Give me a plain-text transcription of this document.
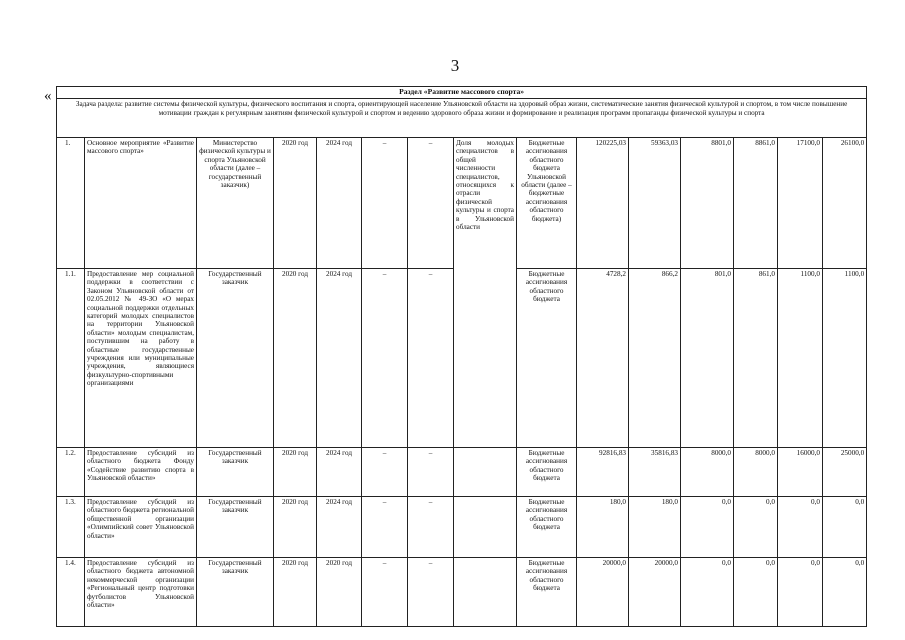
3
«	Раздел «Развитие массового спорта»														
Задача раздела: развитие системы физической культуры, физического воспитания и спорта, ориентирующей население Ульяновской области на здоровый образ жизни, систематические занятия физической культурой и спортом, в том числе повышение мотивации граждан к регулярным занятиям физической культурой и спортом и ведению здорового образа жизни и формирование и реализация программ пропаганды физической культуры и спорта														
1.	Основное мероприятие «Развитие массового спорта»	Министерство физической культуры и спорта Ульяновской области (далее – государственный заказчик)	2020 год	2024 год	–	–	Доля молодых специалистов в общей численности специалистов, относящихся к отрасли физической культуры и спорта в Ульяновской области	Бюджетные ассигнования областного бюджета Ульяновской области (далее – бюджетные ассигнования областного бюджета)	120225,03	59363,03	8801,0	8861,0	17100,0	26100,0
1.1.	Предоставление мер социальной поддержки в соответствии с Законом Ульяновской области от 02.05.2012 № 49-ЗО «О мерах социальной поддержки отдельных категорий молодых специалистов на территории Ульяновской области» молодым специалистам, поступившим на работу в областные государственные учреждения или муниципальные учреждения, являющиеся физкультурно-спортивными организациями	Государственный заказчик	2020 год	2024 год	–	–		Бюджетные ассигнования областного бюджета	4728,2	866,2	801,0	861,0	1100,0	1100,0
1.2.	Предоставление субсидий из областного бюджета Фонду «Содействие развитию спорта в Ульяновской области»	Государственный заказчик	2020 год	2024 год	–	–		Бюджетные ассигнования областного бюджета	92816,83	35816,83	8000,0	8000,0	16000,0	25000,0
1.3.	Предоставление субсидий из областного бюджета региональной общественной организации «Олимпийский совет Ульяновской области»	Государственный заказчик	2020 год	2024 год	–	–		Бюджетные ассигнования областного бюджета	180,0	180,0	0,0	0,0	0,0	0,0
1.4.	Предоставление субсидий из областного бюджета автономной некоммерческой организации «Региональный центр подготовки футболистов Ульяновской области»	Государственный заказчик	2020 год	2020 год	–	–		Бюджетные ассигнования областного бюджета	20000,0	20000,0	0,0	0,0	0,0	0,0
